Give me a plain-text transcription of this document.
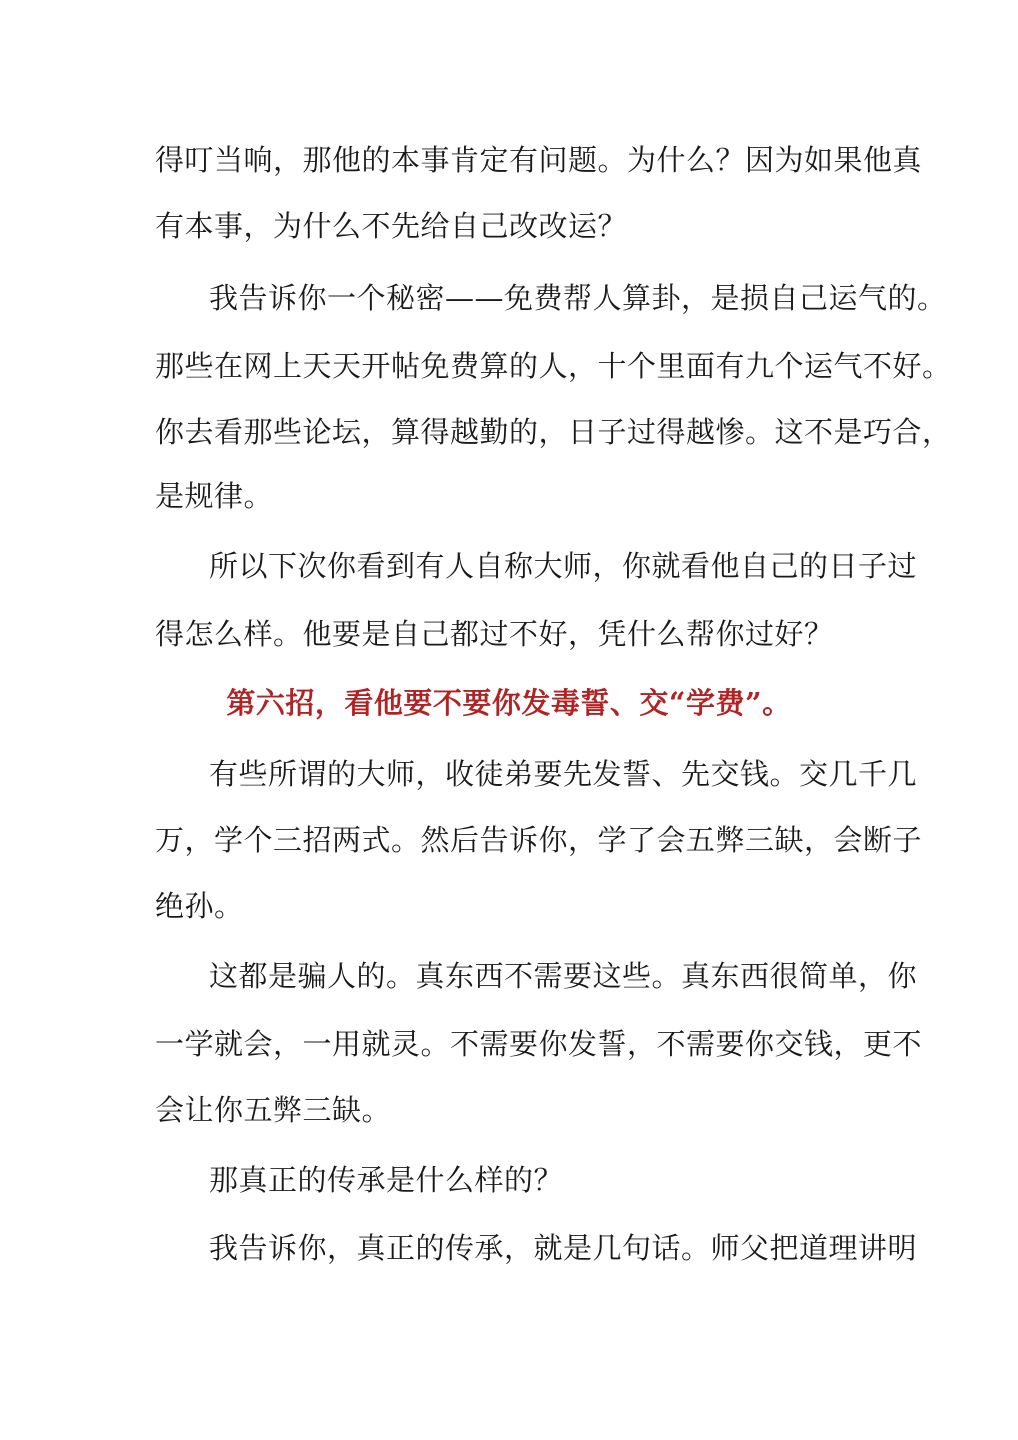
得叮当响，那他的本事肯定有问题。为什么？因为如果他真
有本事，为什么不先给自己改改运？
我告诉你一个秘密——免费帮人算卦，是损自己运气的。
那些在网上天天开帖免费算的人，十个里面有九个运气不好。
你去看那些论坛，算得越勤的，日子过得越惨。这不是巧合，
是规律。
所以下次你看到有人自称大师，你就看他自己的日子过
得怎么样。他要是自己都过不好，凭什么帮你过好？
第六招，看他要不要你发毒誓、交“学费”。
有些所谓的大师，收徒弟要先发誓、先交钱。交几千几
万，学个三招两式。然后告诉你，学了会五弊三缺，会断子
绝孙。
这都是骗人的。真东西不需要这些。真东西很简单，你
一学就会，一用就灵。不需要你发誓，不需要你交钱，更不
会让你五弊三缺。
那真正的传承是什么样的？
我告诉你，真正的传承，就是几句话。师父把道理讲明
